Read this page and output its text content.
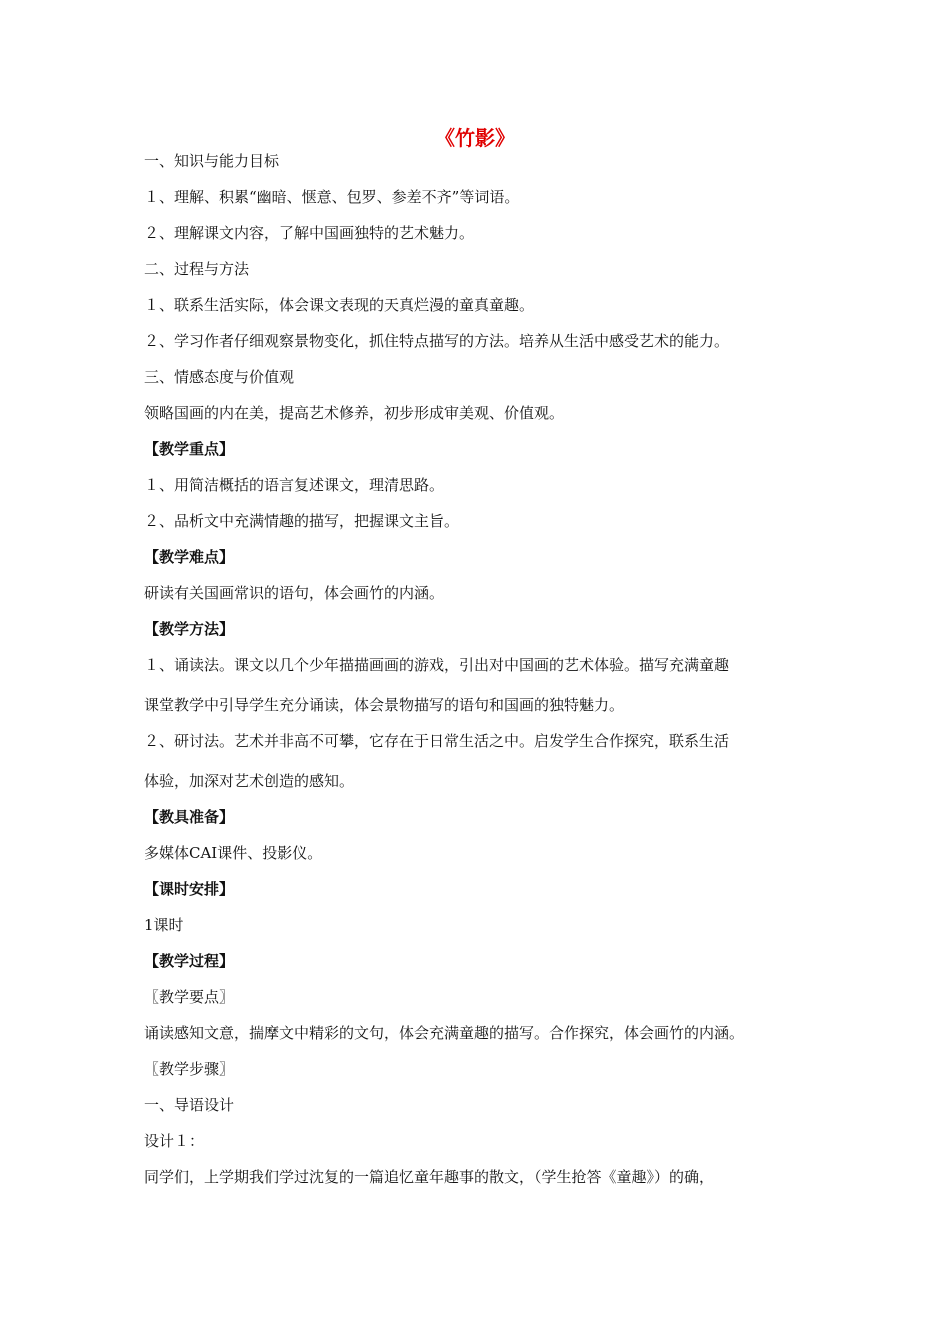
《竹影》
一、知识与能力目标
１、理解、积累“幽暗、惬意、包罗、参差不齐”等词语。
２、理解课文内容，了解中国画独特的艺术魅力。
二、过程与方法
１、联系生活实际，体会课文表现的天真烂漫的童真童趣。
２、学习作者仔细观察景物变化，抓住特点描写的方法。培养从生活中感受艺术的能力。
三、情感态度与价值观
领略国画的内在美，提高艺术修养，初步形成审美观、价值观。
【教学重点】
１、用简洁概括的语言复述课文，理清思路。
２、品析文中充满情趣的描写，把握课文主旨。
【教学难点】
研读有关国画常识的语句，体会画竹的内涵。
【教学方法】
１、诵读法。课文以几个少年描描画画的游戏，引出对中国画的艺术体验。描写充满童趣
课堂教学中引导学生充分诵读，体会景物描写的语句和国画的独特魅力。
２、研讨法。艺术并非高不可攀，它存在于日常生活之中。启发学生合作探究，联系生活
体验，加深对艺术创造的感知。
【教具准备】
多媒体CAI课件、投影仪。
【课时安排】
1课时
【教学过程】
〖教学要点〗
诵读感知文意，揣摩文中精彩的文句，体会充满童趣的描写。合作探究，体会画竹的内涵。
〖教学步骤〗
一、导语设计
设计１：
同学们，上学期我们学过沈复的一篇追忆童年趣事的散文，（学生抢答《童趣》）的确，
